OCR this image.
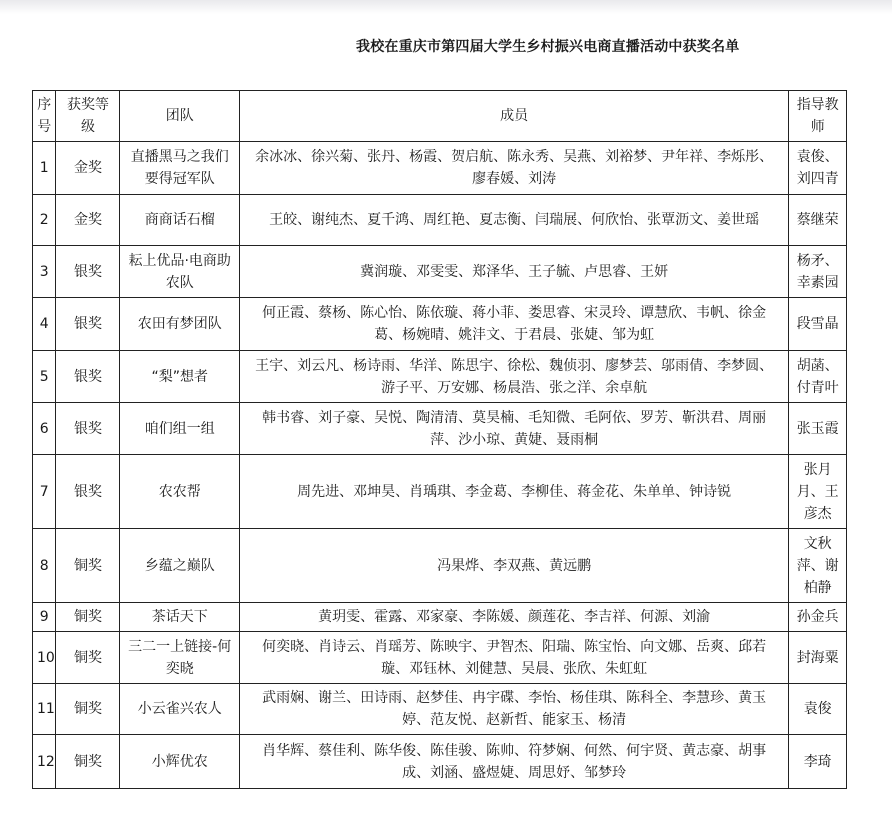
我校在重庆市第四届大学生乡村振兴电商直播活动中获奖名单
序号	获奖等级	团队	成员	指导教师
1	金奖	直播黑马之我们要得冠军队	余冰冰、徐兴菊、张丹、杨霞、贺启航、陈永秀、吴燕、刘裕梦、尹年祥、李烁彤、廖春媛、刘涛	袁俊、刘四青
2	金奖	商商话石榴	王皎、谢纯杰、夏千鸿、周红艳、夏志衡、闫瑞展、何欣怡、张覃沥文、姜世瑶	蔡继荣
3	银奖	耘上优品·电商助农队	冀润璇、邓雯雯、郑泽华、王子毓、卢思睿、王妍	杨矛、幸素园
4	银奖	农田有梦团队	何正霞、蔡杨、陈心怡、陈依璇、蒋小菲、娄思睿、宋灵玲、谭慧欣、韦帆、徐金葛、杨婉晴、姚沣文、于君晨、张婕、邹为虹	段雪晶
5	银奖	“梨”想者	王宇、刘云凡、杨诗雨、华洋、陈思宇、徐松、魏侦羽、廖梦芸、邬雨倩、李梦圆、游子平、万安娜、杨晨浩、张之洋、余卓航	胡菡、付青叶
6	银奖	咱们组一组	韩书睿、刘子豪、吴悦、陶清清、莫昊楠、毛知微、毛阿依、罗芳、靳洪君、周丽萍、沙小琼、黄婕、聂雨桐	张玉霞
7	银奖	农农帮	周先进、邓坤昊、肖瑀琪、李金葛、李柳佳、蒋金花、朱单单、钟诗锐	张月月、王彦杰
8	铜奖	乡蕴之巅队	冯果烨、李双燕、黄远鹏	文秋萍、谢柏静
9	铜奖	茶话天下	黄玥雯、霍露、邓家豪、李陈媛、颜莲花、李吉祥、何源、刘渝	孙金兵
10	铜奖	三二一上链接-何奕晓	何奕晓、肖诗云、肖瑶芳、陈映宇、尹智杰、阳瑞、陈宝怡、向文娜、岳爽、邱若璇、邓钰林、刘健慧、吴晨、张欣、朱虹虹	封海粟
11	铜奖	小云雀兴农人	武雨娴、谢兰、田诗雨、赵梦佳、冉宇碟、李怡、杨佳琪、陈科全、李慧珍、黄玉婷、范友悦、赵新哲、能家玉、杨清	袁俊
12	铜奖	小辉优农	肖华辉、蔡佳利、陈华俊、陈佳骏、陈帅、符梦娴、何然、何宇贤、黄志豪、胡事成、刘涵、盛煜婕、周思妤、邹梦玲	李琦
